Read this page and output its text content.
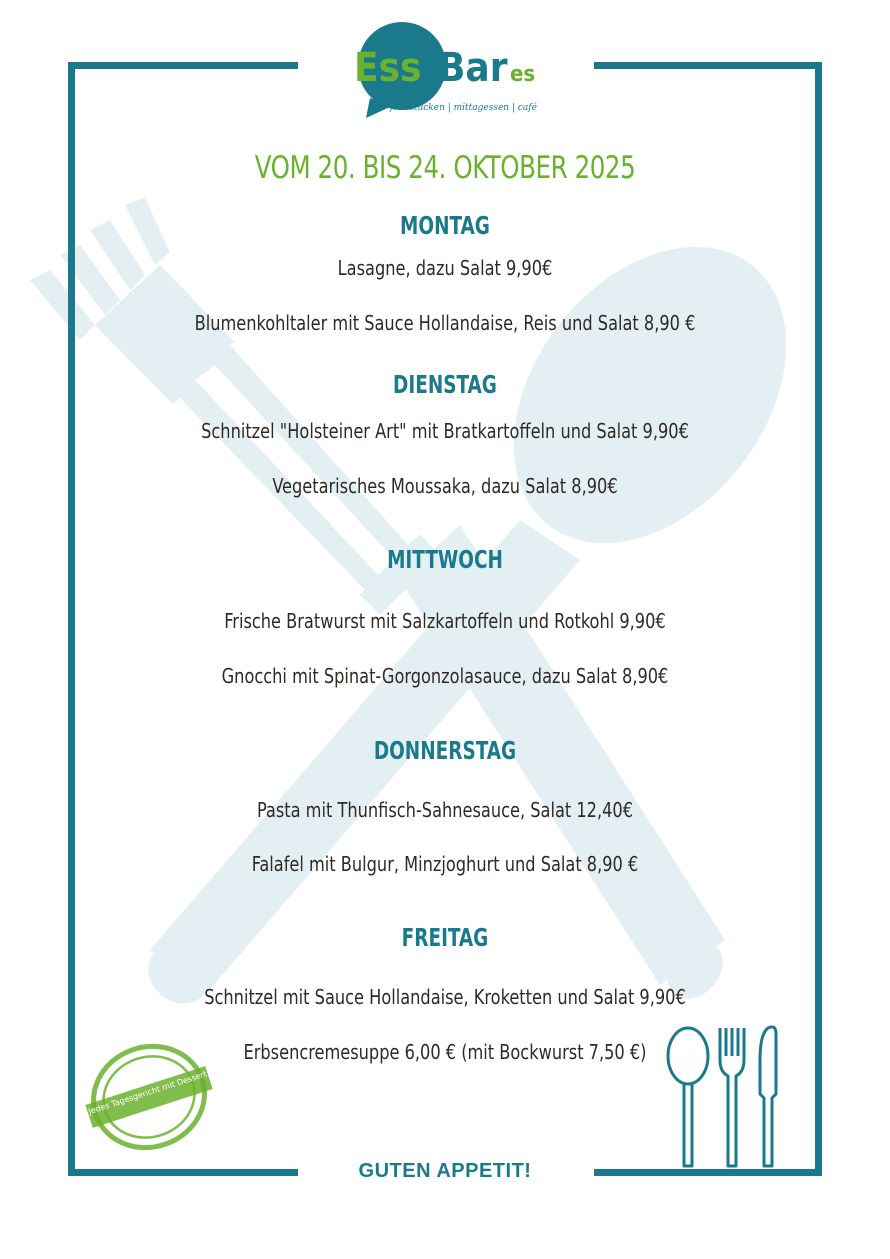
Ess Bar es
frühstücken | mittagessen | café
VOM 20. BIS 24. OKTOBER 2025
MONTAG
Lasagne, dazu Salat 9,90€
Blumenkohltaler mit Sauce Hollandaise, Reis und Salat 8,90 €
DIENSTAG
Schnitzel "Holsteiner Art" mit Bratkartoffeln und Salat 9,90€
Vegetarisches Moussaka, dazu Salat 8,90€
MITTWOCH
Frische Bratwurst mit Salzkartoffeln und Rotkohl 9,90€
Gnocchi mit Spinat-Gorgonzolasauce, dazu Salat 8,90€
DONNERSTAG
Pasta mit Thunfisch-Sahnesauce, Salat 12,40€
Falafel mit Bulgur, Minzjoghurt und Salat 8,90 €
FREITAG
Schnitzel mit Sauce Hollandaise, Kroketten und Salat 9,90€
Erbsencremesuppe 6,00 € (mit Bockwurst 7,50 €)
Jedes Tagesgericht mit Dessert

GUTEN APPETIT!
